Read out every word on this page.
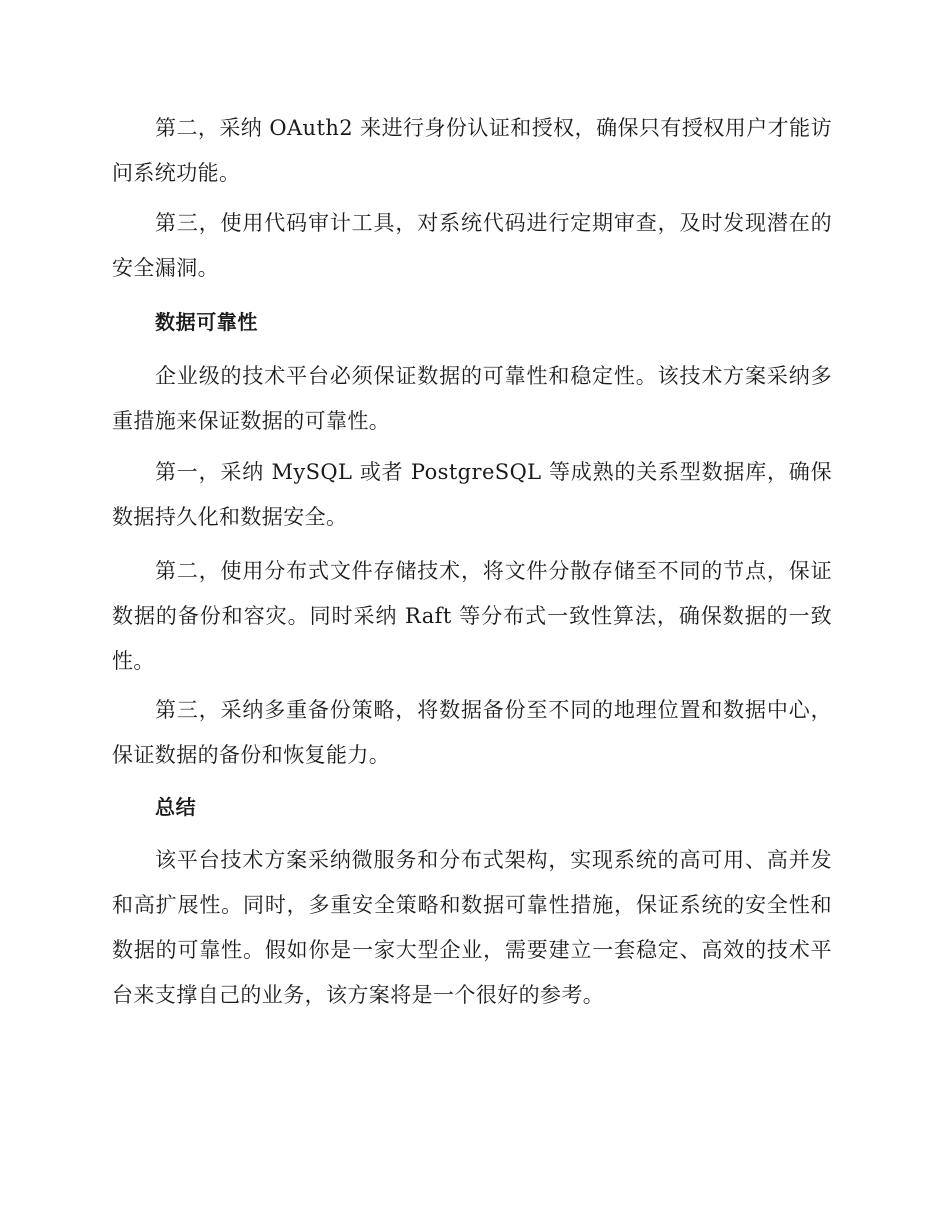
第二，采纳 OAuth2 来进行身份认证和授权，确保只有授权用户才能访问系统功能。

第三，使用代码审计工具，对系统代码进行定期审查，及时发现潜在的安全漏洞。

数据可靠性

企业级的技术平台必须保证数据的可靠性和稳定性。该技术方案采纳多重措施来保证数据的可靠性。

第一，采纳 MySQL 或者 PostgreSQL 等成熟的关系型数据库，确保数据持久化和数据安全。

第二，使用分布式文件存储技术，将文件分散存储至不同的节点，保证数据的备份和容灾。同时采纳 Raft 等分布式一致性算法，确保数据的一致性。

第三，采纳多重备份策略，将数据备份至不同的地理位置和数据中心，保证数据的备份和恢复能力。

总结

该平台技术方案采纳微服务和分布式架构，实现系统的高可用、高并发和高扩展性。同时，多重安全策略和数据可靠性措施，保证系统的安全性和数据的可靠性。假如你是一家大型企业，需要建立一套稳定、高效的技术平台来支撑自己的业务，该方案将是一个很好的参考。
